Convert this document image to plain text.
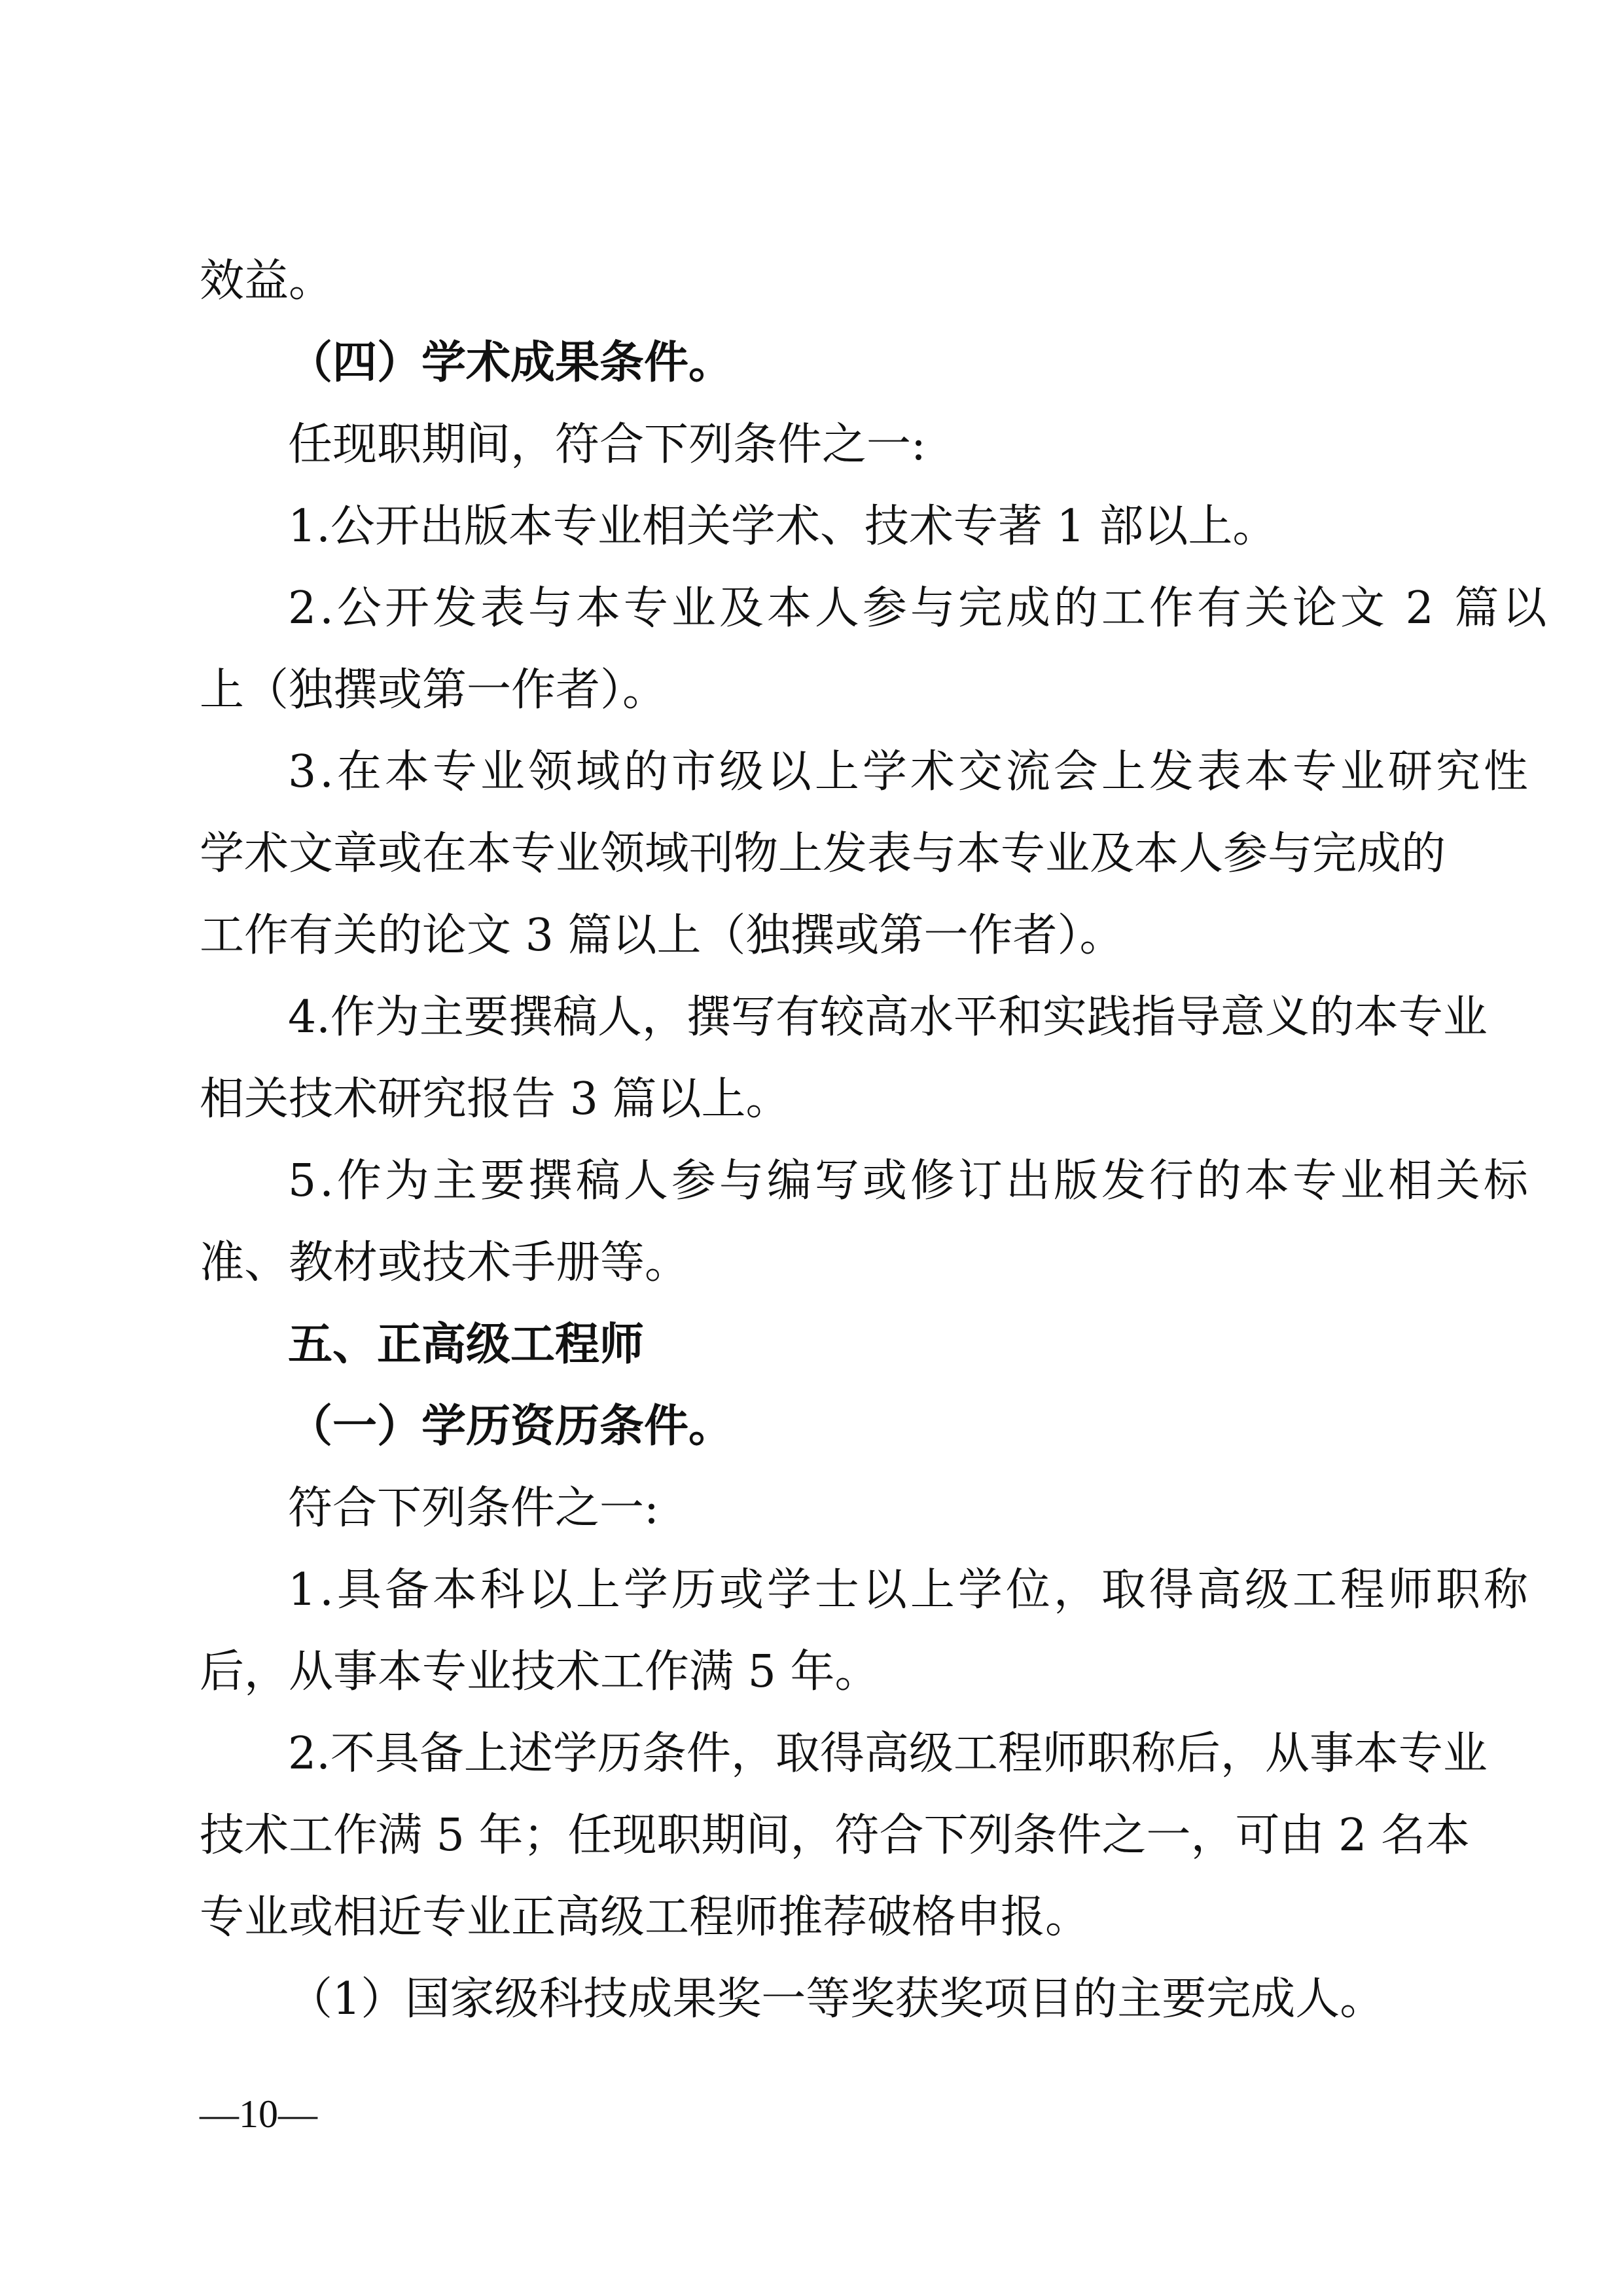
效益。
（四）学术成果条件。
任现职期间，符合下列条件之一:
1.公开出版本专业相关学术、技术专著 1 部以上。
2.公开发表与本专业及本人参与完成的工作有关论文 2 篇以
上（独撰或第一作者）。
3.在本专业领域的市级以上学术交流会上发表本专业研究性
学术文章或在本专业领域刊物上发表与本专业及本人参与完成的
工作有关的论文 3 篇以上（独撰或第一作者）。
4.作为主要撰稿人，撰写有较高水平和实践指导意义的本专业
相关技术研究报告 3 篇以上。
5.作为主要撰稿人参与编写或修订出版发行的本专业相关标
准、教材或技术手册等。
五、正高级工程师
（一）学历资历条件。
符合下列条件之一:
1.具备本科以上学历或学士以上学位，取得高级工程师职称
后，从事本专业技术工作满 5 年。
2.不具备上述学历条件，取得高级工程师职称后，从事本专业
技术工作满 5 年；任现职期间，符合下列条件之一，可由 2 名本
专业或相近专业正高级工程师推荐破格申报。
（1）国家级科技成果奖一等奖获奖项目的主要完成人。
—10—
